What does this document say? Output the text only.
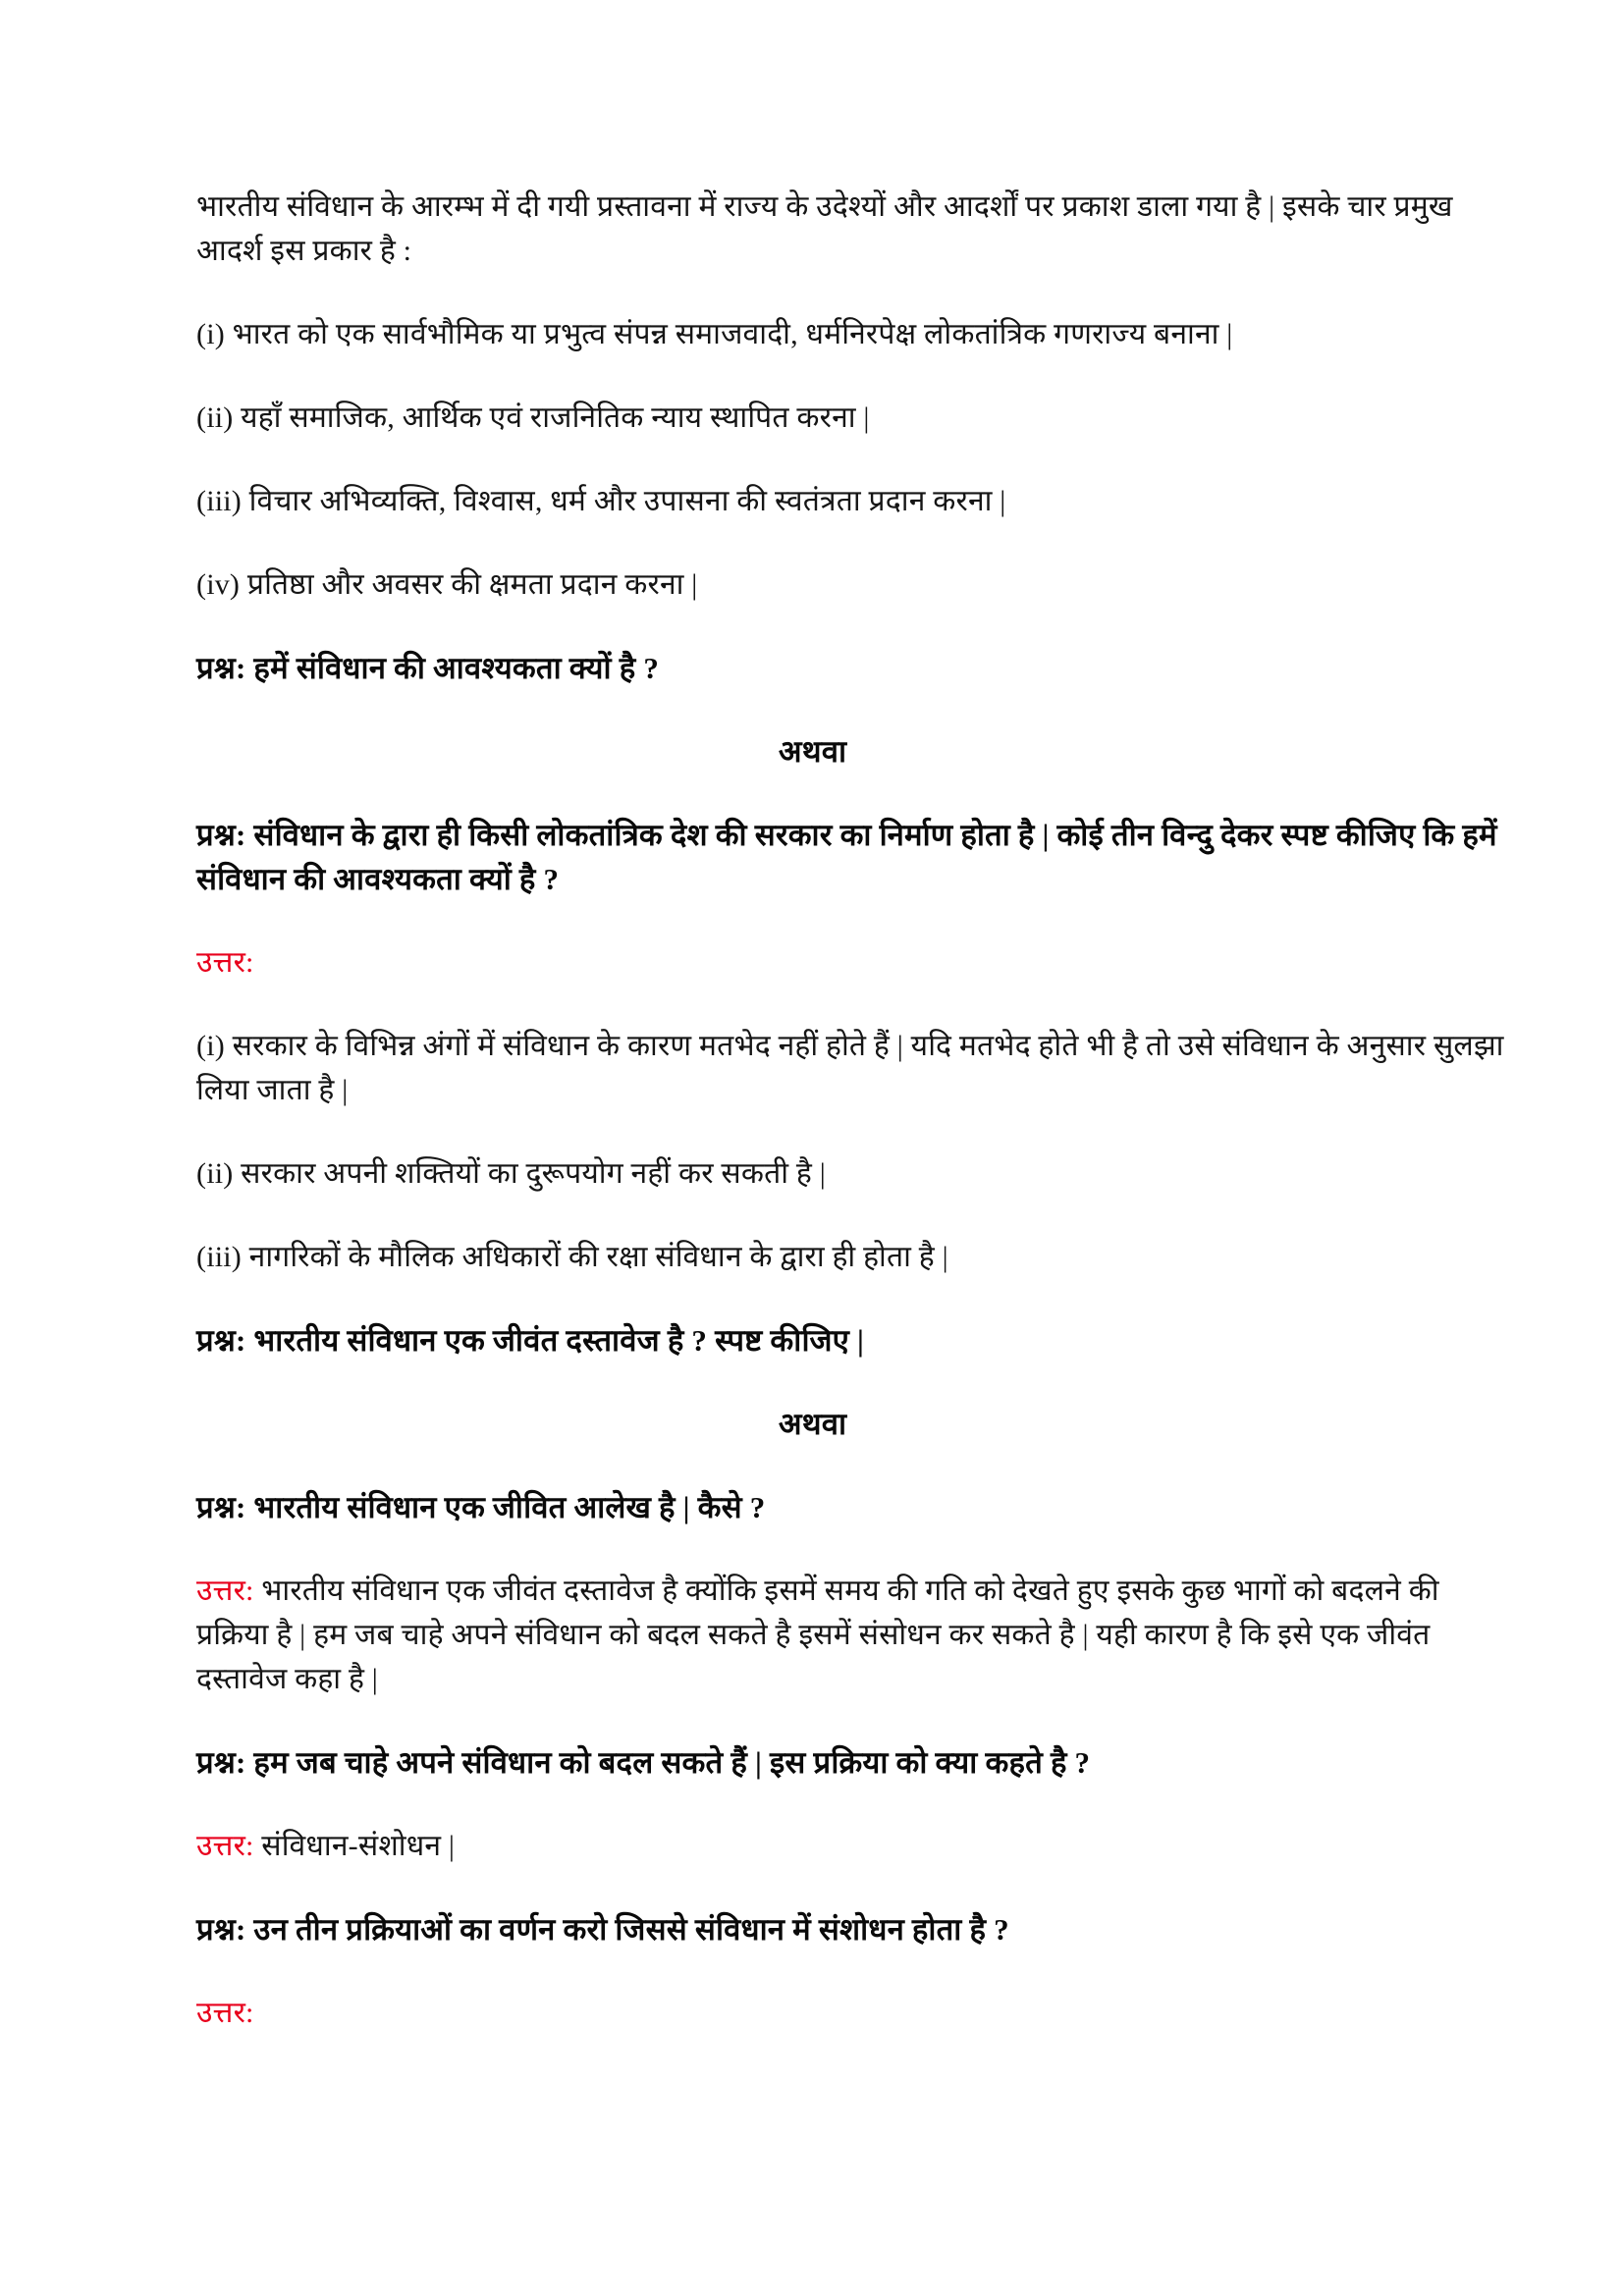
भारतीय संविधान के आरम्भ में दी गयी प्रस्तावना में राज्य के उदेश्यों और आदर्शों पर प्रकाश डाला गया है | इसके चार प्रमुख आदर्श इस प्रकार है :

(i) भारत को एक सार्वभौमिक या प्रभुत्व संपन्न समाजवादी, धर्मनिरपेक्ष लोकतांत्रिक गणराज्य बनाना |

(ii) यहाँ समाजिक, आर्थिक एवं राजनितिक न्याय स्थापित करना |

(iii) विचार अभिव्यक्ति, विश्वास, धर्म और उपासना की स्वतंत्रता प्रदान करना |

(iv) प्रतिष्ठा और अवसर की क्षमता प्रदान करना |

प्रश्न: हमें संविधान की आवश्यकता क्यों है ?

अथवा

प्रश्न: संविधान के द्वारा ही किसी लोकतांत्रिक देश की सरकार का निर्माण होता है | कोई तीन विन्दु देकर स्पष्ट कीजिए कि हमें संविधान की आवश्यकता क्यों है ?

उत्तर:

(i) सरकार के विभिन्न अंगों में संविधान के कारण मतभेद नहीं होते हैं | यदि मतभेद होते भी है तो उसे संविधान के अनुसार सुलझा लिया जाता है |

(ii) सरकार अपनी शक्तियों का दुरूपयोग नहीं कर सकती है |

(iii) नागरिकों के मौलिक अधिकारों की रक्षा संविधान के द्वारा ही होता है |

प्रश्न: भारतीय संविधान एक जीवंत दस्तावेज है ? स्पष्ट कीजिए |

अथवा

प्रश्न: भारतीय संविधान एक जीवित आलेख है | कैसे ?

उत्तर: भारतीय संविधान एक जीवंत दस्तावेज है क्योंकि इसमें समय की गति को देखते हुए इसके कुछ भागों को बदलने की प्रक्रिया है | हम जब चाहे अपने संविधान को बदल सकते है इसमें संसोधन कर सकते है | यही कारण है कि इसे एक जीवंत दस्तावेज कहा है |

प्रश्न: हम जब चाहे अपने संविधान को बदल सकते हैं | इस प्रक्रिया को क्या कहते है ?

उत्तर: संविधान-संशोधन |

प्रश्न: उन तीन प्रक्रियाओं का वर्णन करो जिससे संविधान में संशोधन होता है ?

उत्तर:
